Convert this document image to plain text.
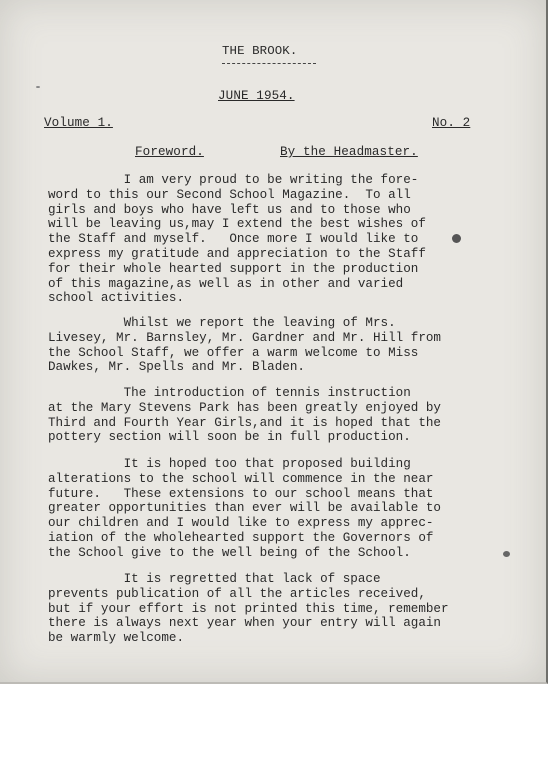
THE BROOK.
JUNE 1954.
Volume 1.	No. 2
Foreword.	By the Headmaster.

I am very proud to be writing the fore-
word to this our Second School Magazine.  To all
girls and boys who have left us and to those who
will be leaving us,may I extend the best wishes of
the Staff and myself.   Once more I would like to
express my gratitude and appreciation to the Staff
for their whole hearted support in the production
of this magazine,as well as in other and varied
school activities.

Whilst we report the leaving of Mrs.
Livesey, Mr. Barnsley, Mr. Gardner and Mr. Hill from
the School Staff, we offer a warm welcome to Miss
Dawkes, Mr. Spells and Mr. Bladen.

The introduction of tennis instruction
at the Mary Stevens Park has been greatly enjoyed by
Third and Fourth Year Girls,and it is hoped that the
pottery section will soon be in full production.

It is hoped too that proposed building
alterations to the school will commence in the near
future.   These extensions to our school means that
greater opportunities than ever will be available to
our children and I would like to express my apprec-
iation of the wholehearted support the Governors of
the School give to the well being of the School.

It is regretted that lack of space
prevents publication of all the articles received,
but if your effort is not printed this time, remember
there is always next year when your entry will again
be warmly welcome.
